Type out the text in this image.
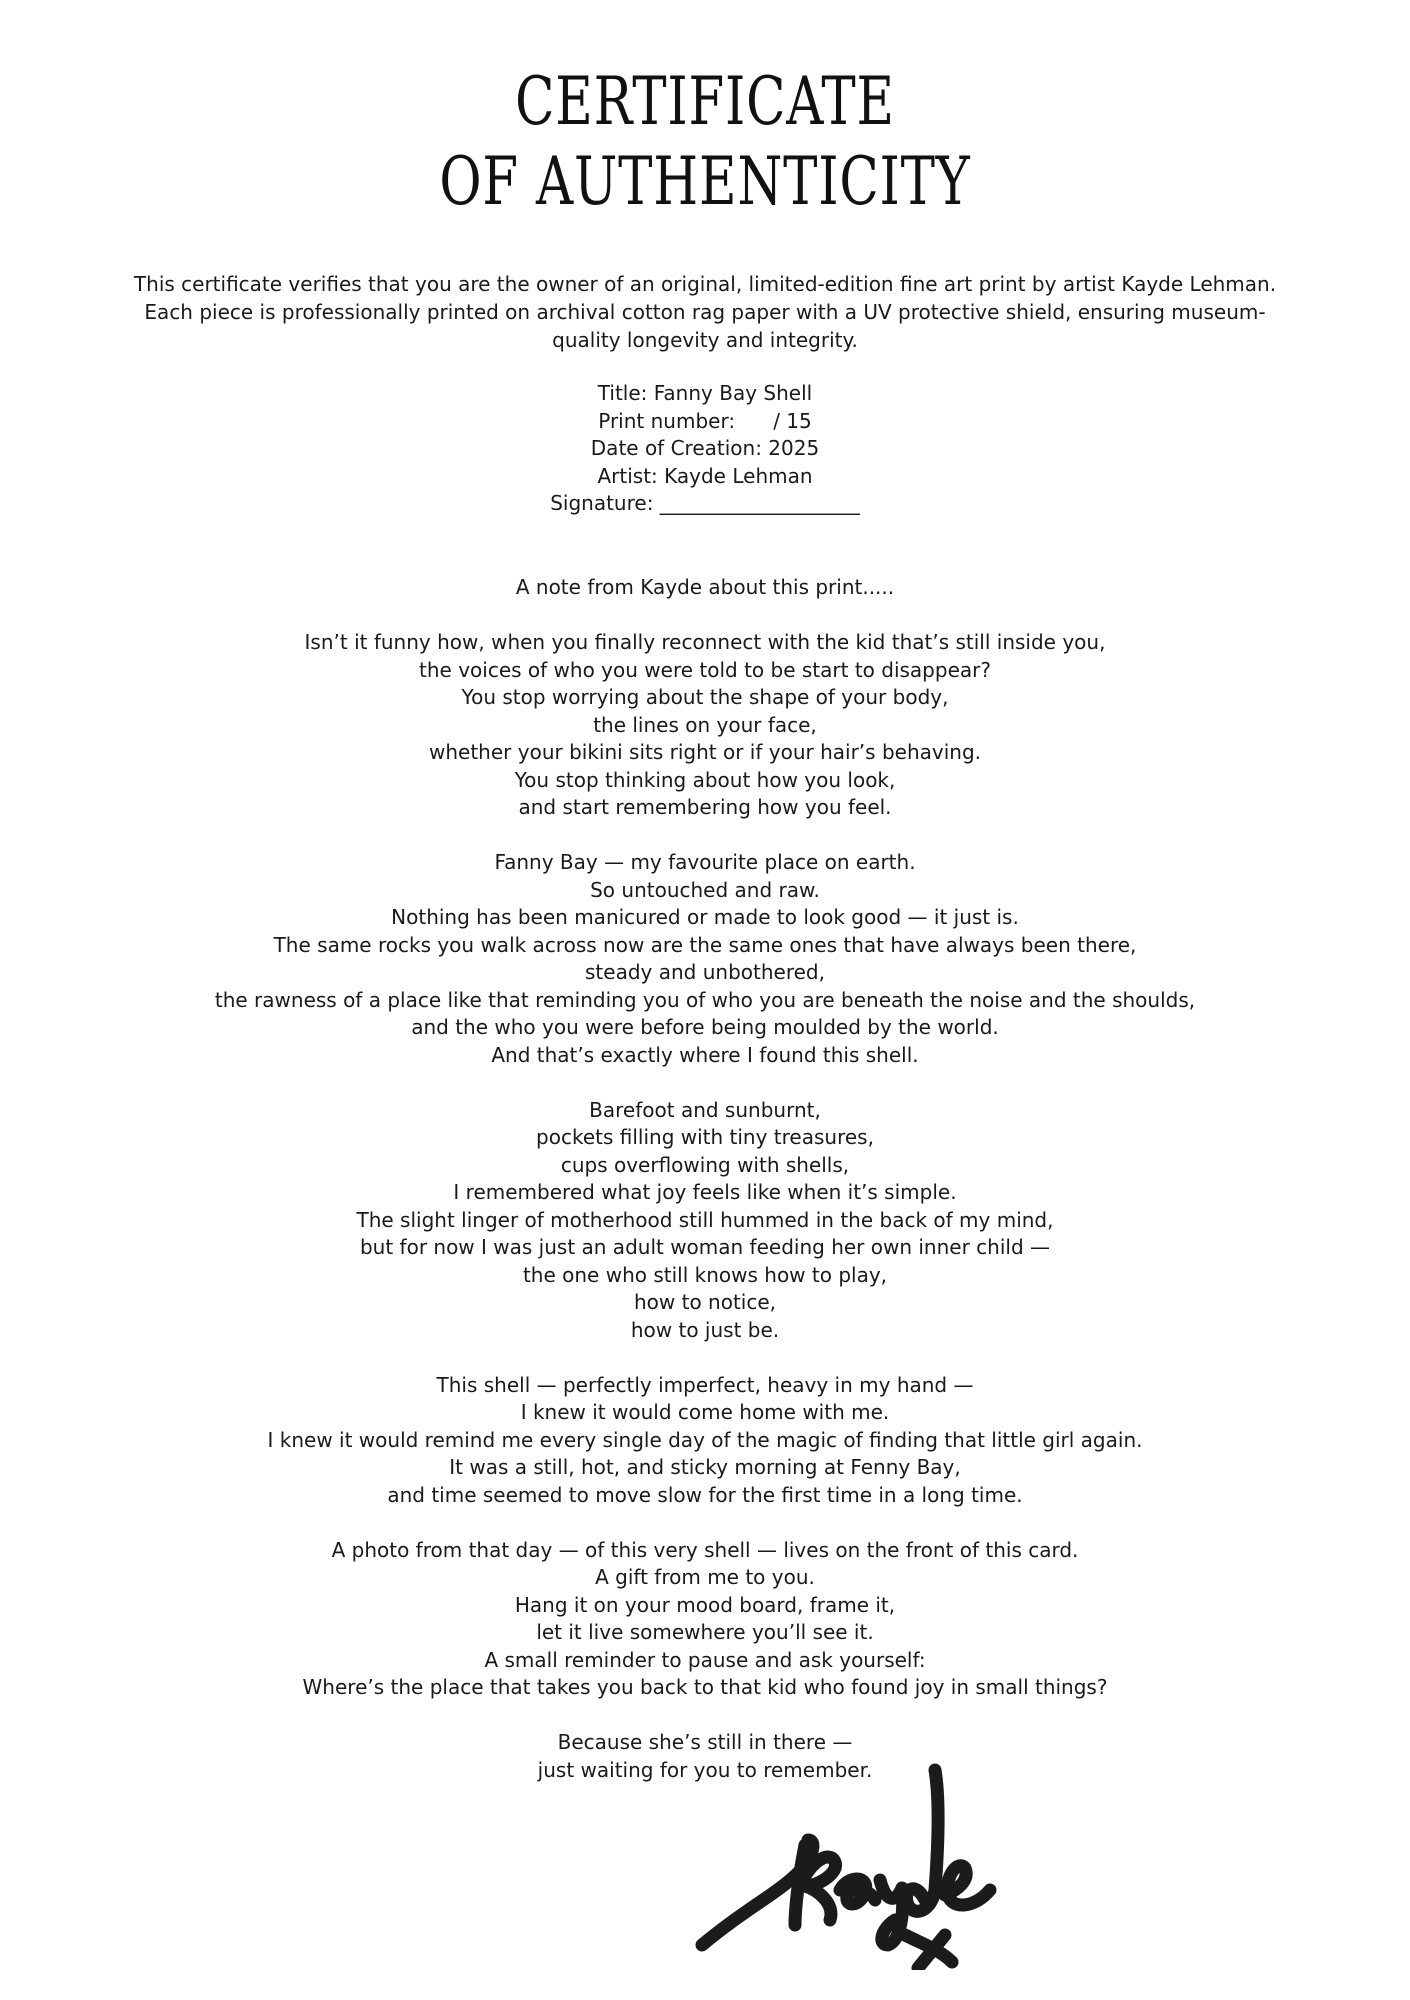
CERTIFICATE
OF AUTHENTICITY
This certificate verifies that you are the owner of an original, limited-edition fine art print by artist Kayde Lehman. Each piece is professionally printed on archival cotton rag paper with a UV protective shield, ensuring museum-quality longevity and integrity.
Title: Fanny Bay Shell
Print number:      / 15
Date of Creation: 2025
Artist: Kayde Lehman
Signature: ____________________
A note from Kayde about this print.....
Isn’t it funny how, when you finally reconnect with the kid that’s still inside you,
the voices of who you were told to be start to disappear?
You stop worrying about the shape of your body,
the lines on your face,
whether your bikini sits right or if your hair’s behaving.
You stop thinking about how you look,
and start remembering how you feel.
Fanny Bay — my favourite place on earth.
So untouched and raw.
Nothing has been manicured or made to look good — it just is.
The same rocks you walk across now are the same ones that have always been there,
steady and unbothered,
the rawness of a place like that reminding you of who you are beneath the noise and the shoulds,
and the who you were before being moulded by the world.
And that’s exactly where I found this shell.
Barefoot and sunburnt,
pockets filling with tiny treasures,
cups overflowing with shells,
I remembered what joy feels like when it’s simple.
The slight linger of motherhood still hummed in the back of my mind,
but for now I was just an adult woman feeding her own inner child —
the one who still knows how to play,
how to notice,
how to just be.
This shell — perfectly imperfect, heavy in my hand —
I knew it would come home with me.
I knew it would remind me every single day of the magic of finding that little girl again.
It was a still, hot, and sticky morning at Fenny Bay,
and time seemed to move slow for the first time in a long time.
A photo from that day — of this very shell — lives on the front of this card.
A gift from me to you.
Hang it on your mood board, frame it,
let it live somewhere you’ll see it.
A small reminder to pause and ask yourself:
Where’s the place that takes you back to that kid who found joy in small things?
Because she’s still in there —
just waiting for you to remember.
